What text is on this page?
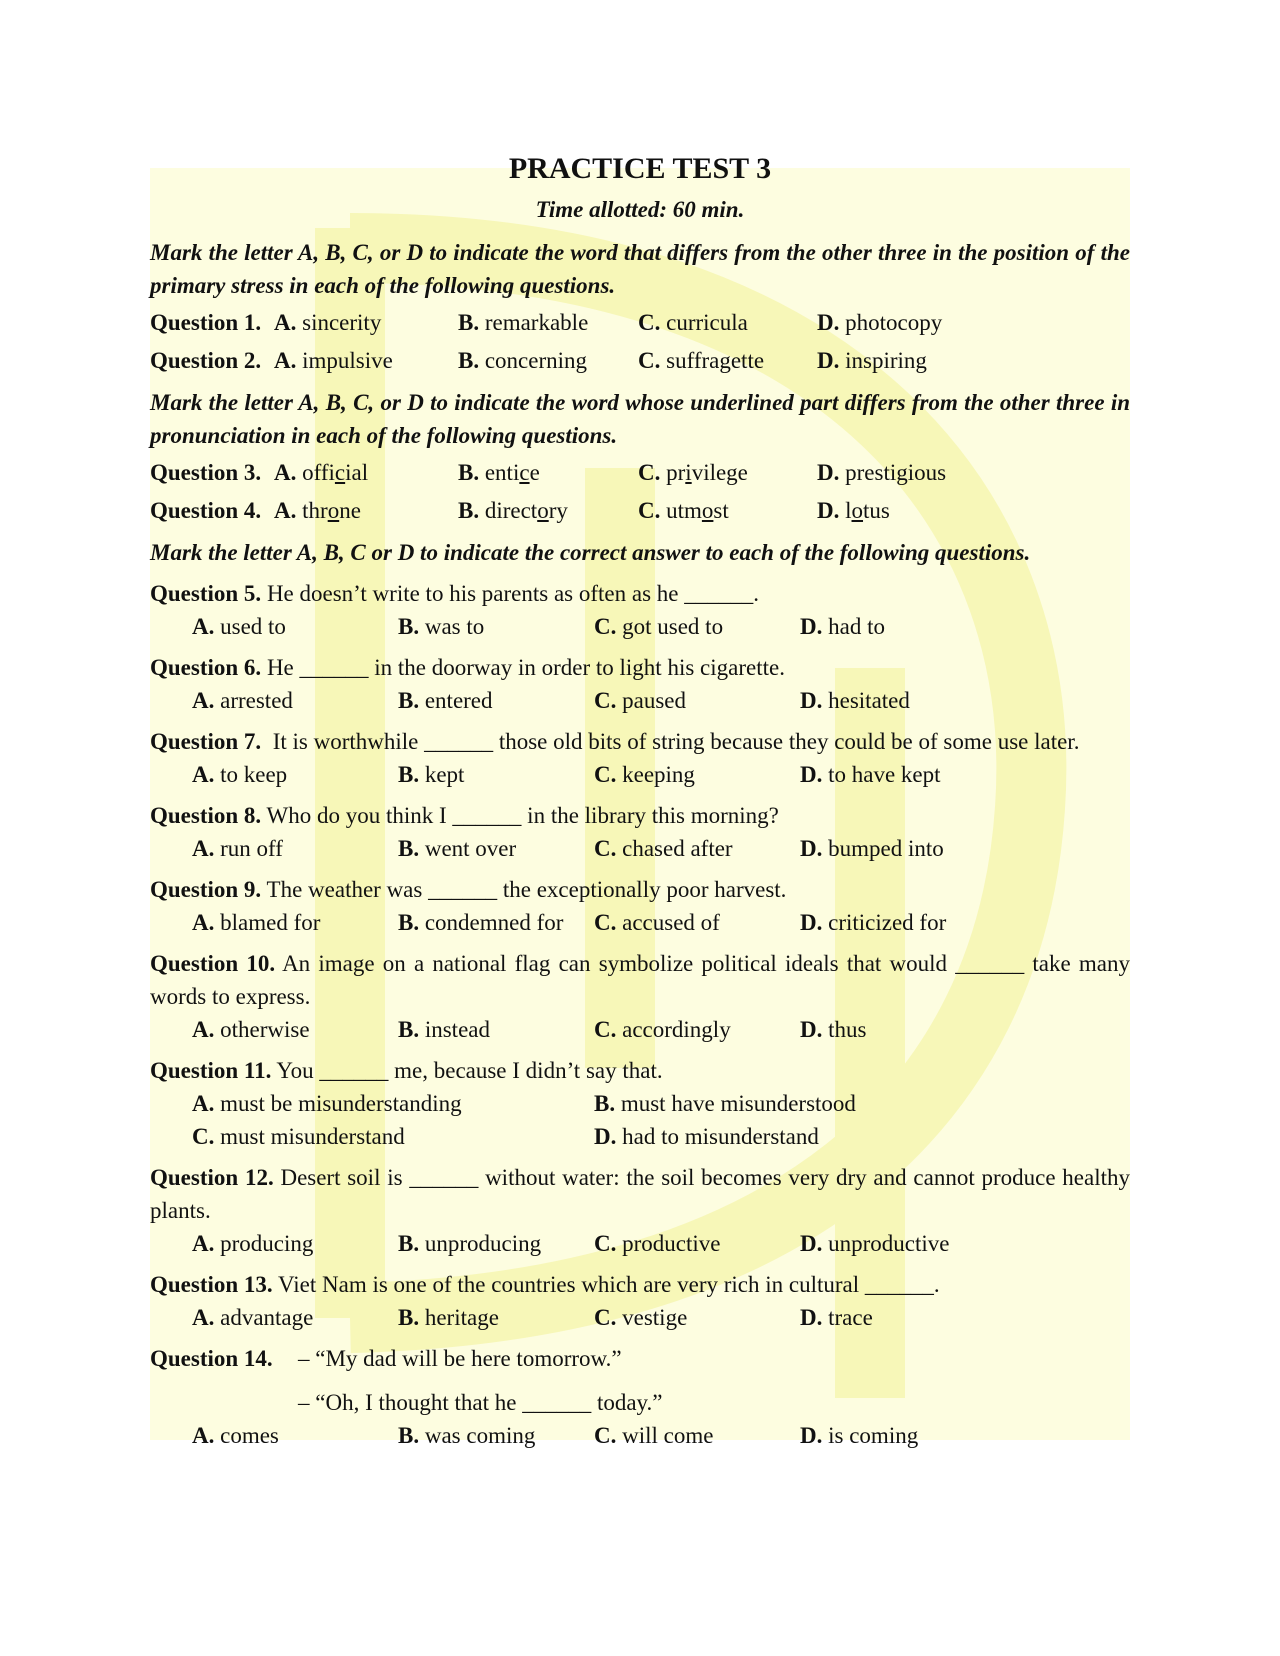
PRACTICE TEST 3
Time allotted: 60 min.
Mark the letter A, B, C, or D to indicate the word that differs from the other three in the position of the primary stress in each of the following questions.
Question 1. A. sincerity	B. remarkable C. curricula	D. photocopy
Question 2. A. impulsive	B. concerning C. suffragette D. inspiring
Mark the letter A, B, C, or D to indicate the word whose underlined part differs from the other three in pronunciation in each of the following questions.
Question 3. A. official	B. entice	C. privilege	D. prestigious
Question 4. A. throne	B. directory	C. utmost	D. lotus
Mark the letter A, B, C or D to indicate the correct answer to each of the following questions.
Question 5. He doesn’t write to his parents as often as he ______.
A. used to	B. was to	C. got used to	D. had to
Question 6. He ______ in the doorway in order to light his cigarette.
A. arrested	B. entered	C. paused	D. hesitated
Question 7. It is worthwhile ______ those old bits of string because they could be of some use later.
A. to keep	B. kept	C. keeping	D. to have kept
Question 8. Who do you think I ______ in the library this morning?
A. run off	B. went over	C. chased after	D. bumped into
Question 9. The weather was ______ the exceptionally poor harvest.
A. blamed for	B. condemned for C. accused of	D. criticized for
Question 10. An image on a national flag can symbolize political ideals that would ______ take many words to express.
A. otherwise	B. instead	C. accordingly	D. thus
Question 11. You ______ me, because I didn’t say that.
A. must be misunderstanding	B. must have misunderstood
C. must misunderstand	D. had to misunderstand
Question 12. Desert soil is ______ without water: the soil becomes very dry and cannot produce healthy plants.
A. producing	B. unproducing C. productive	D. unproductive
Question 13. Viet Nam is one of the countries which are very rich in cultural ______.
A. advantage	B. heritage	C. vestige	D. trace
Question 14. – “My dad will be here tomorrow.”
– “Oh, I thought that he ______ today.”
A. comes	B. was coming	C. will come	D. is coming
